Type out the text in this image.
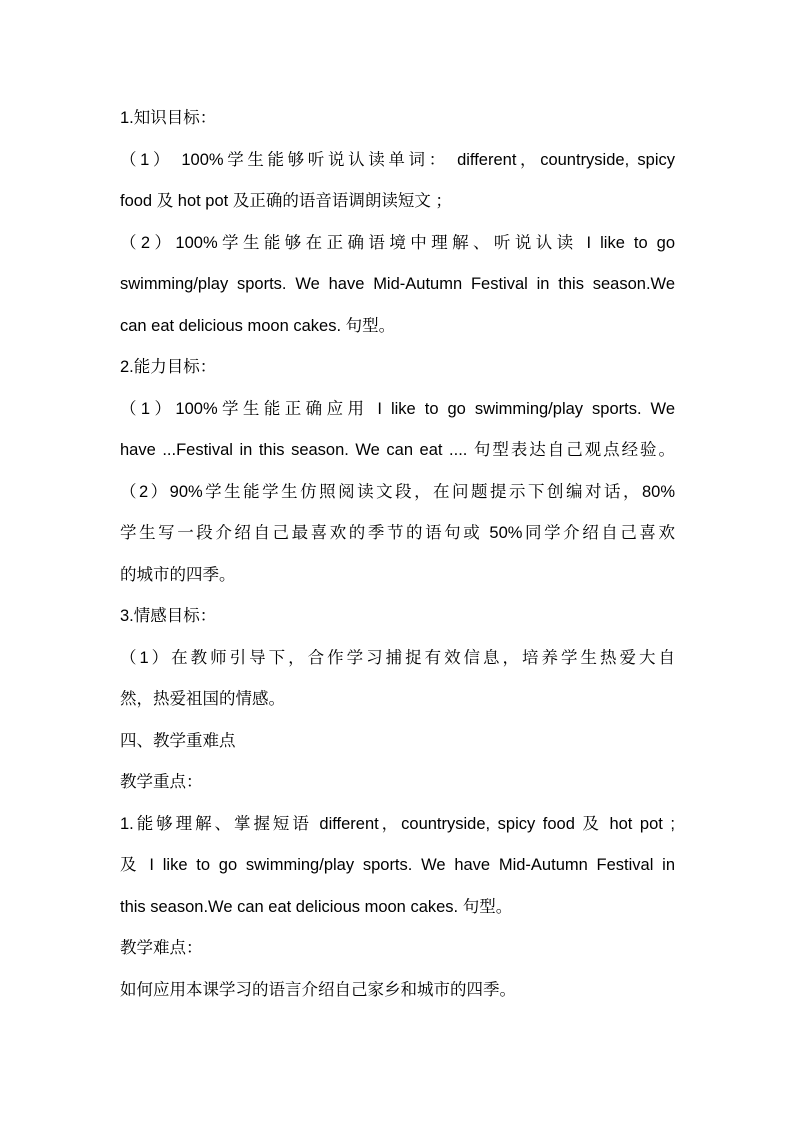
1.知识目标：
（1） 100%学生能够听说认读单词： different，countryside, spicy
food 及 hot pot 及正确的语音语调朗读短文 ；
（2）100%学生能够在正确语境中理解、听说认读 I like to go
swimming/play sports. We have Mid-Autumn Festival in this season.We
can eat delicious moon cakes. 句型。
2.能力目标：
（1）100%学生能正确应用 I like to go swimming/play sports. We
have ...Festival in this season. We can eat .... 句型表达自己观点经验。
（2）90%学生能学生仿照阅读文段，在问题提示下创编对话，80%
学生写一段介绍自己最喜欢的季节的语句或 50%同学介绍自己喜欢
的城市的四季。
3.情感目标：
（1）在教师引导下，合作学习捕捉有效信息，培养学生热爱大自
然，热爱祖国的情感。
四、教学重难点
教学重点：
1.能够理解、掌握短语 different，countryside, spicy food 及 hot pot ;
及 I like to go swimming/play sports. We have Mid-Autumn Festival in
this season.We can eat delicious moon cakes. 句型。
教学难点：
如何应用本课学习的语言介绍自己家乡和城市的四季。
